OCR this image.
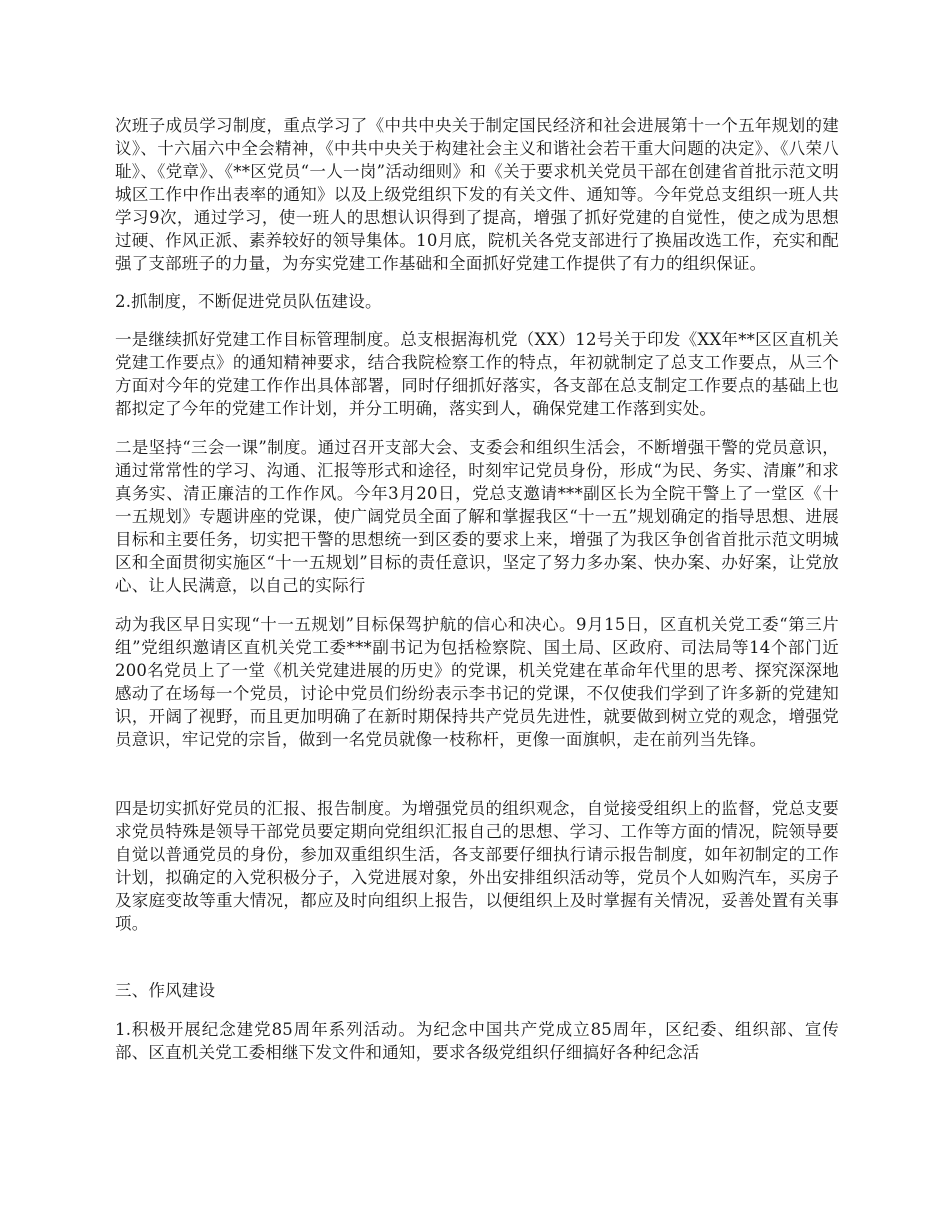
次班子成员学习制度，重点学习了《中共中央关于制定国民经济和社会进展第十一个五年规划的建议》、十六届六中全会精神，《中共中央关于构建社会主义和谐社会若干重大问题的决定》、《八荣八耻》、《党章》、《**区党员“一人一岗”活动细则》和《关于要求机关党员干部在创建省首批示范文明城区工作中作出表率的通知》以及上级党组织下发的有关文件、通知等。今年党总支组织一班人共学习9次，通过学习，使一班人的思想认识得到了提高，增强了抓好党建的自觉性，使之成为思想过硬、作风正派、素养较好的领导集体。10月底，院机关各党支部进行了换届改选工作，充实和配强了支部班子的力量，为夯实党建工作基础和全面抓好党建工作提供了有力的组织保证。

2.抓制度，不断促进党员队伍建设。

一是继续抓好党建工作目标管理制度。总支根据海机党（XX）12号关于印发《XX年**区区直机关党建工作要点》的通知精神要求，结合我院检察工作的特点，年初就制定了总支工作要点，从三个方面对今年的党建工作作出具体部署，同时仔细抓好落实，各支部在总支制定工作要点的基础上也都拟定了今年的党建工作计划，并分工明确，落实到人，确保党建工作落到实处。

二是坚持“三会一课”制度。通过召开支部大会、支委会和组织生活会，不断增强干警的党员意识，通过常常性的学习、沟通、汇报等形式和途径，时刻牢记党员身份，形成“为民、务实、清廉”和求真务实、清正廉洁的工作作风。今年3月20日，党总支邀请***副区长为全院干警上了一堂区《十一五规划》专题讲座的党课，使广阔党员全面了解和掌握我区“十一五”规划确定的指导思想、进展目标和主要任务，切实把干警的思想统一到区委的要求上来，增强了为我区争创省首批示范文明城区和全面贯彻实施区“十一五规划”目标的责任意识，坚定了努力多办案、快办案、办好案，让党放心、让人民满意，以自己的实际行

动为我区早日实现“十一五规划”目标保驾护航的信心和决心。9月15日，区直机关党工委“第三片组”党组织邀请区直机关党工委***副书记为包括检察院、国土局、区政府、司法局等14个部门近200名党员上了一堂《机关党建进展的历史》的党课，机关党建在革命年代里的思考、探究深深地感动了在场每一个党员，讨论中党员们纷纷表示李书记的党课，不仅使我们学到了许多新的党建知识，开阔了视野，而且更加明确了在新时期保持共产党员先进性，就要做到树立党的观念，增强党员意识，牢记党的宗旨，做到一名党员就像一枝称杆，更像一面旗帜，走在前列当先锋。

四是切实抓好党员的汇报、报告制度。为增强党员的组织观念，自觉接受组织上的监督，党总支要求党员特殊是领导干部党员要定期向党组织汇报自己的思想、学习、工作等方面的情况，院领导要自觉以普通党员的身份，参加双重组织生活，各支部要仔细执行请示报告制度，如年初制定的工作计划，拟确定的入党积极分子，入党进展对象，外出安排组织活动等，党员个人如购汽车，买房子及家庭变故等重大情况，都应及时向组织上报告，以便组织上及时掌握有关情况，妥善处置有关事项。

三、作风建设

1.积极开展纪念建党85周年系列活动。为纪念中国共产党成立85周年，区纪委、组织部、宣传部、区直机关党工委相继下发文件和通知，要求各级党组织仔细搞好各种纪念活
